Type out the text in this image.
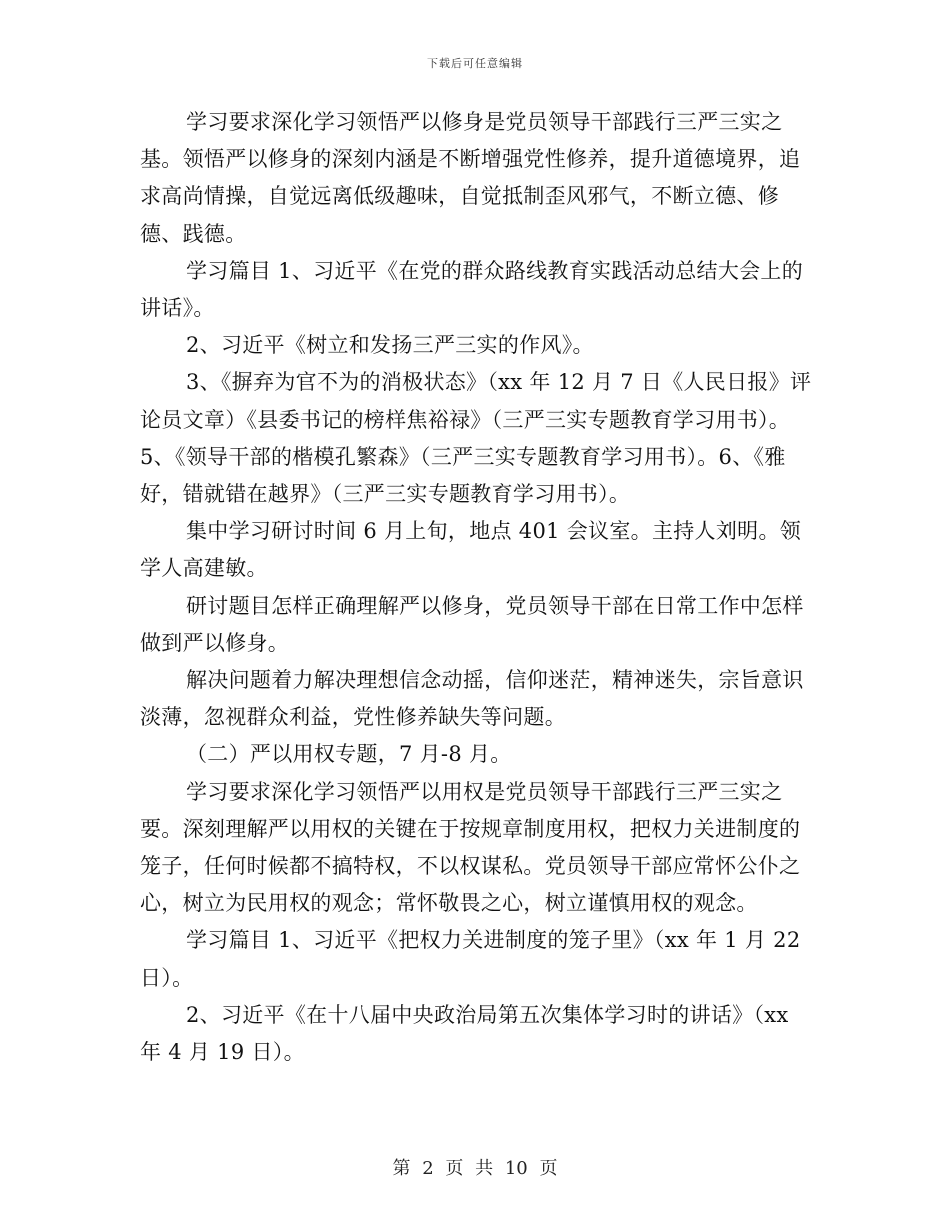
下载后可任意编辑

学习要求深化学习领悟严以修身是党员领导干部践行三严三实之基。领悟严以修身的深刻内涵是不断增强党性修养，提升道德境界，追求高尚情操，自觉远离低级趣味，自觉抵制歪风邪气，不断立德、修德、践德。

学习篇目 1、习近平《在党的群众路线教育实践活动总结大会上的讲话》。

2、习近平《树立和发扬三严三实的作风》。

3、《摒弃为官不为的消极状态》（xx 年 12 月 7 日《人民日报》评论员文章）《县委书记的榜样焦裕禄》（三严三实专题教育学习用书）。5、《领导干部的楷模孔繁森》（三严三实专题教育学习用书）。6、《雅好，错就错在越界》（三严三实专题教育学习用书）。

集中学习研讨时间 6 月上旬，地点 401 会议室。主持人刘明。领学人高建敏。

研讨题目怎样正确理解严以修身，党员领导干部在日常工作中怎样做到严以修身。

解决问题着力解决理想信念动摇，信仰迷茫，精神迷失，宗旨意识淡薄，忽视群众利益，党性修养缺失等问题。

（二）严以用权专题，7 月-8 月。

学习要求深化学习领悟严以用权是党员领导干部践行三严三实之要。深刻理解严以用权的关键在于按规章制度用权，把权力关进制度的笼子，任何时候都不搞特权，不以权谋私。党员领导干部应常怀公仆之心，树立为民用权的观念；常怀敬畏之心，树立谨慎用权的观念。

学习篇目 1、习近平《把权力关进制度的笼子里》（xx 年 1 月 22 日）。

2、习近平《在十八届中央政治局第五次集体学习时的讲话》（xx 年 4 月 19 日）。

第 2 页 共 10 页
